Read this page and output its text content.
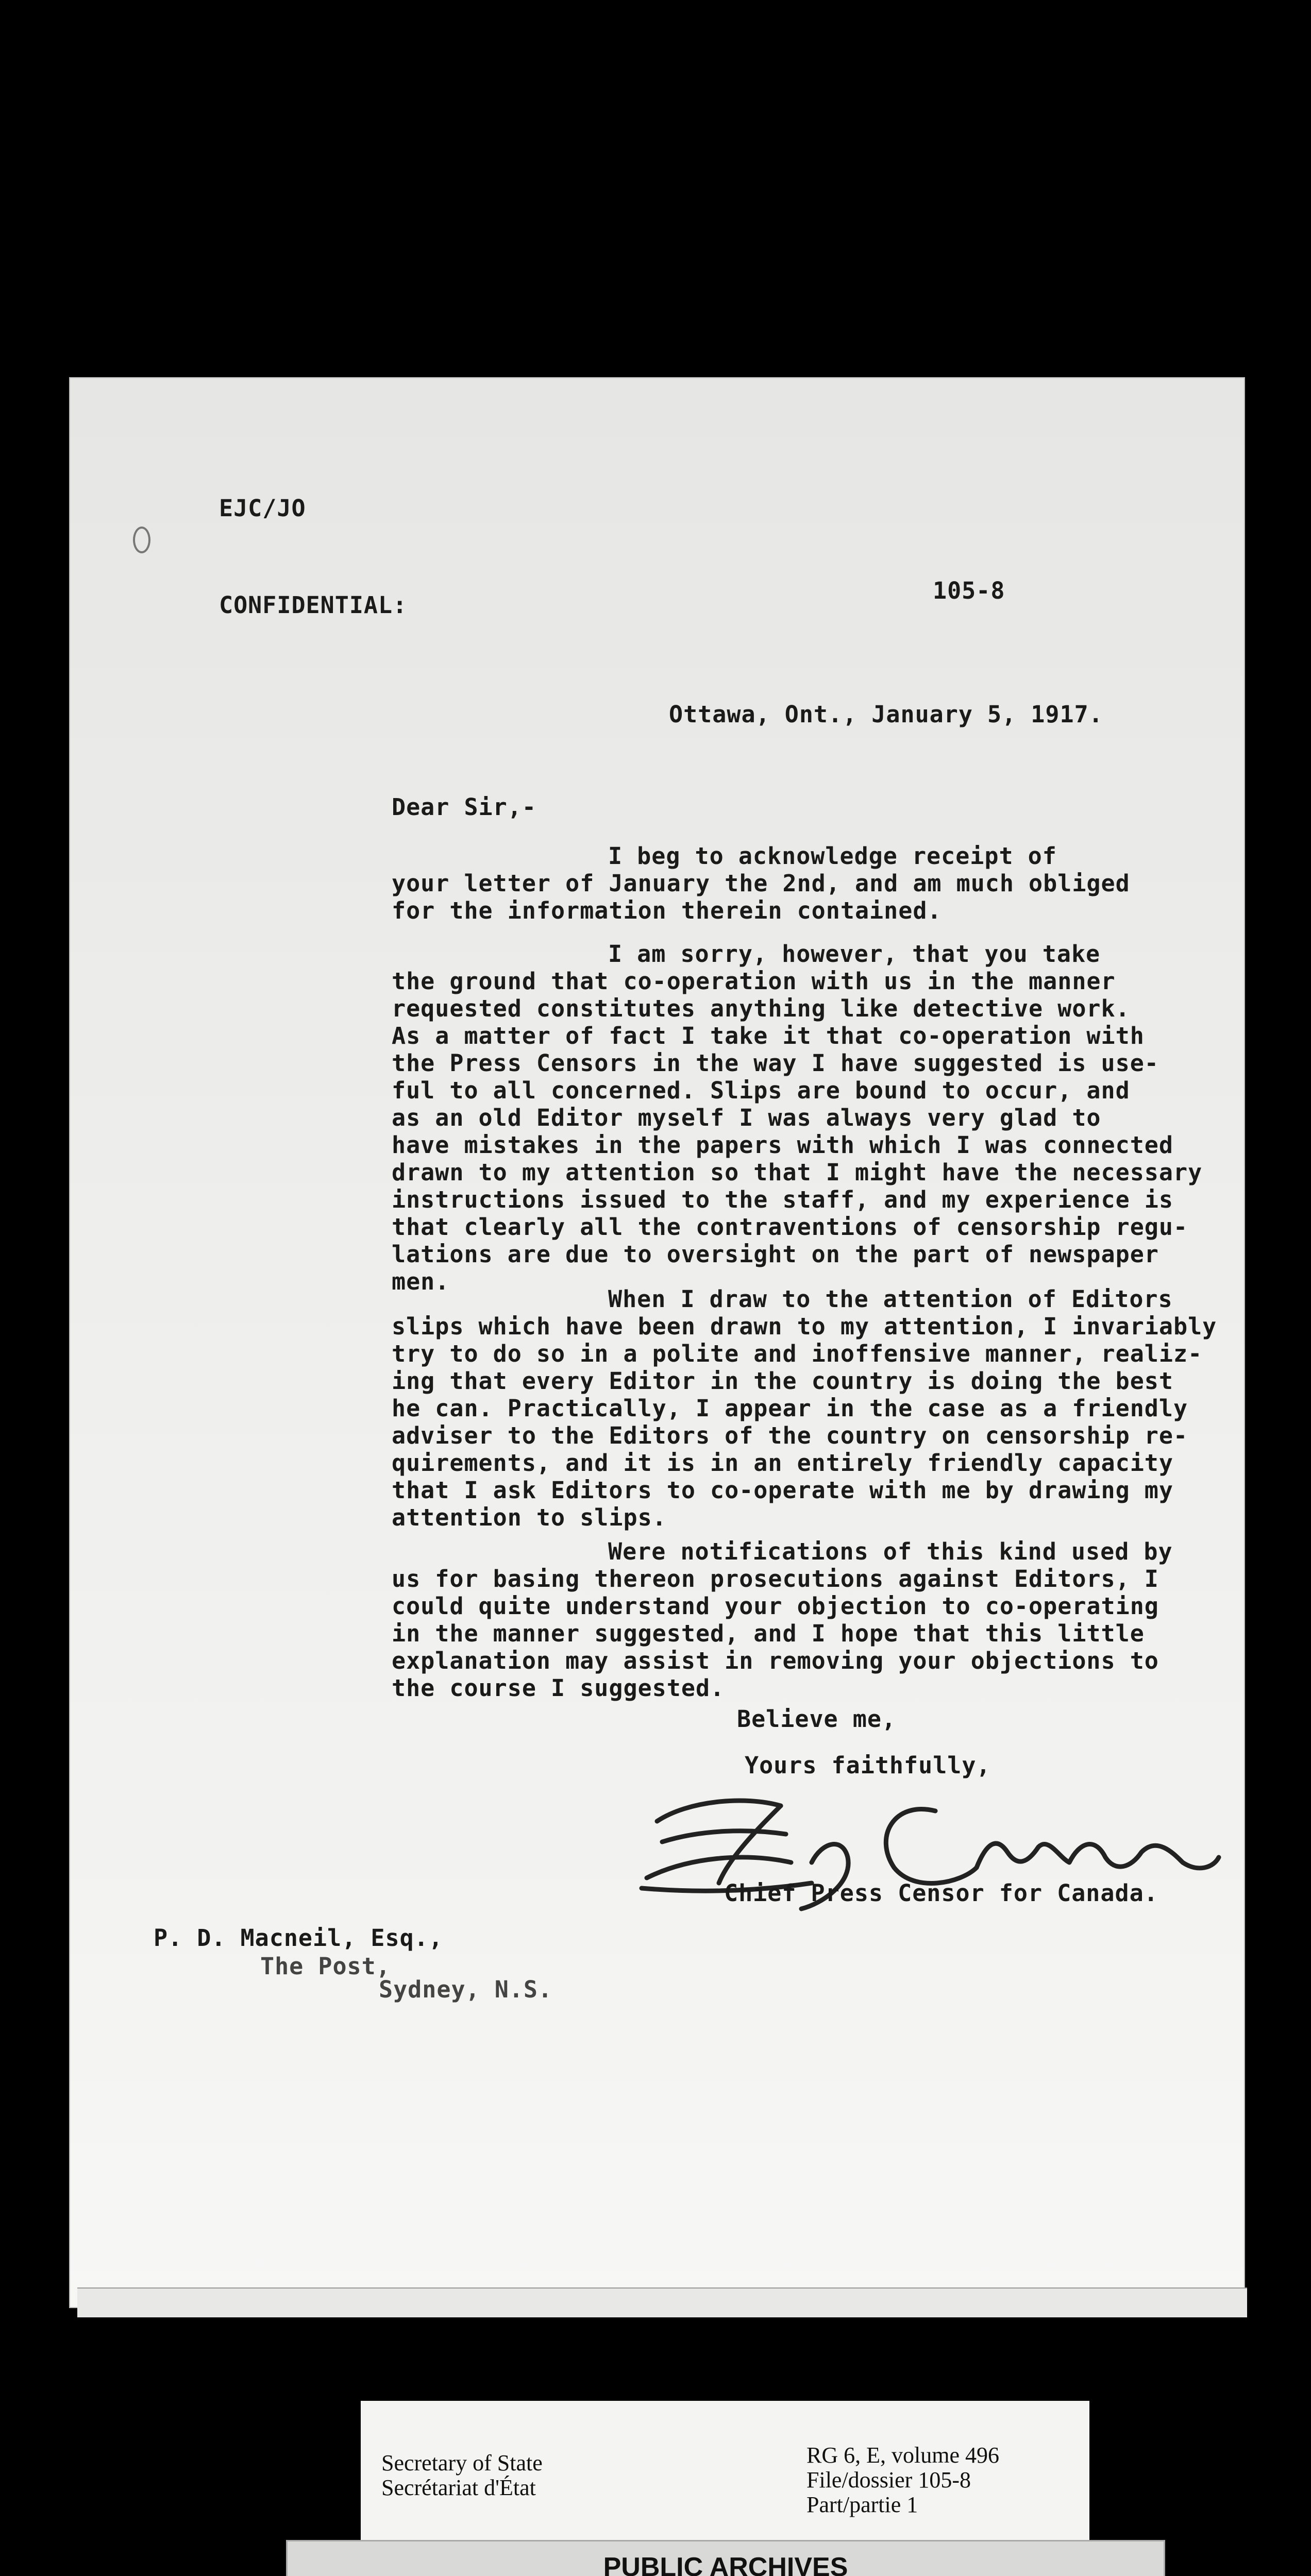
EJC/JO
105-8
CONFIDENTIAL:
Ottawa, Ont., January 5, 1917.
Dear Sir,-
I beg to acknowledge receipt of
your letter of January the 2nd, and am much obliged
for the information therein contained.
I am sorry, however, that you take
the ground that co-operation with us in the manner
requested constitutes anything like detective work.
As a matter of fact I take it that co-operation with
the Press Censors in the way I have suggested is use-
ful to all concerned. Slips are bound to occur, and
as an old Editor myself I was always very glad to
have mistakes in the papers with which I was connected
drawn to my attention so that I might have the necessary
instructions issued to the staff, and my experience is
that clearly all the contraventions of censorship regu-
lations are due to oversight on the part of newspaper
men.
When I draw to the attention of Editors
slips which have been drawn to my attention, I invariably
try to do so in a polite and inoffensive manner, realiz-
ing that every Editor in the country is doing the best
he can. Practically, I appear in the case as a friendly
adviser to the Editors of the country on censorship re-
quirements, and it is in an entirely friendly capacity
that I ask Editors to co-operate with me by drawing my
attention to slips.
Were notifications of this kind used by
us for basing thereon prosecutions against Editors, I
could quite understand your objection to co-operating
in the manner suggested, and I hope that this little
explanation may assist in removing your objections to
the course I suggested.
Believe me,
Yours faithfully,
Chief Press Censor for Canada.
P. D. Macneil, Esq.,
The Post,
Sydney, N.S.
Secretary of State
Secrétariat d'État
RG 6, E, volume 496
File/dossier 105-8
Part/partie 1
PUBLIC ARCHIVES
